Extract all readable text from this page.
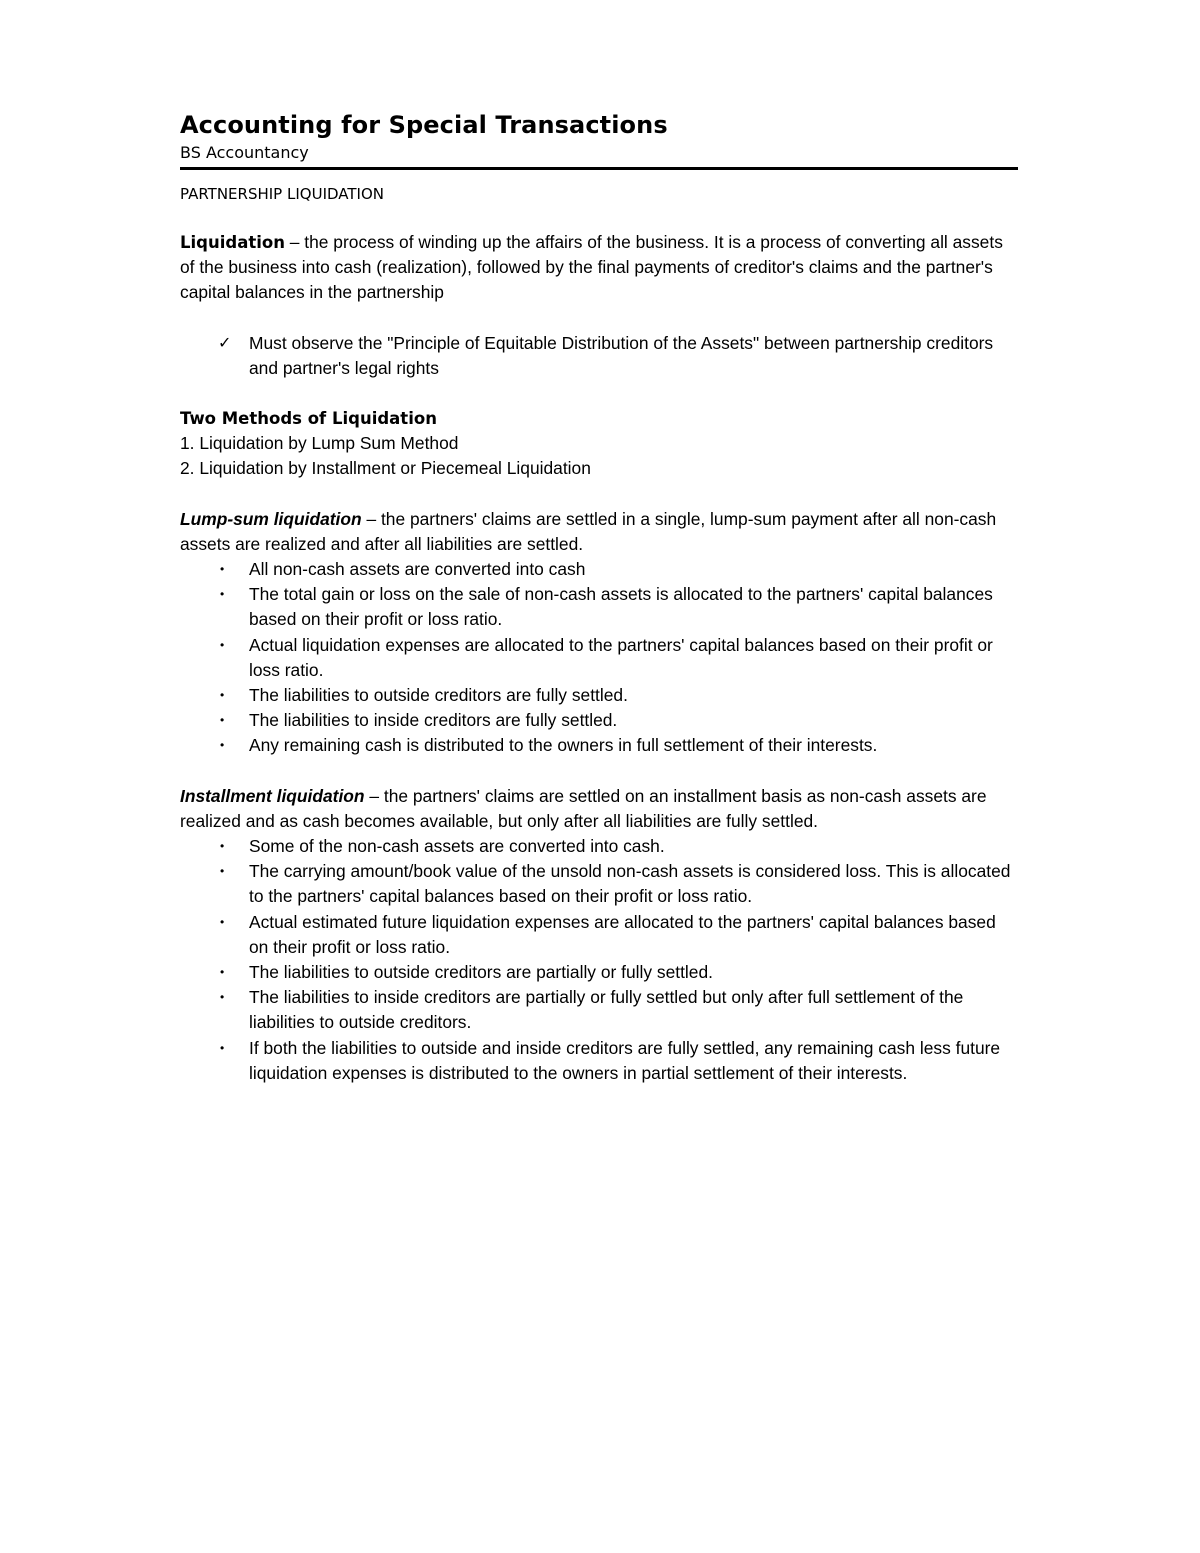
Accounting for Special Transactions
BS Accountancy
PARTNERSHIP LIQUIDATION

Liquidation – the process of winding up the affairs of the business. It is a process of converting all assets of the business into cash (realization), followed by the final payments of creditor's claims and the partner's capital balances in the partnership

✓ Must observe the "Principle of Equitable Distribution of the Assets" between partnership creditors and partner's legal rights
Two Methods of Liquidation
1. Liquidation by Lump Sum Method
2. Liquidation by Installment or Piecemeal Liquidation

Lump-sum liquidation – the partners' claims are settled in a single, lump-sum payment after all non-cash assets are realized and after all liabilities are settled.

• All non-cash assets are converted into cash
• The total gain or loss on the sale of non-cash assets is allocated to the partners' capital balances based on their profit or loss ratio.
• Actual liquidation expenses are allocated to the partners' capital balances based on their profit or loss ratio.
• The liabilities to outside creditors are fully settled.
• The liabilities to inside creditors are fully settled.
• Any remaining cash is distributed to the owners in full settlement of their interests.

Installment liquidation – the partners' claims are settled on an installment basis as non-cash assets are realized and as cash becomes available, but only after all liabilities are fully settled.

• Some of the non-cash assets are converted into cash.
• The carrying amount/book value of the unsold non-cash assets is considered loss. This is allocated to the partners' capital balances based on their profit or loss ratio.
• Actual estimated future liquidation expenses are allocated to the partners' capital balances based on their profit or loss ratio.
• The liabilities to outside creditors are partially or fully settled.
• The liabilities to inside creditors are partially or fully settled but only after full settlement of the liabilities to outside creditors.
• If both the liabilities to outside and inside creditors are fully settled, any remaining cash less future liquidation expenses is distributed to the owners in partial settlement of their interests.
